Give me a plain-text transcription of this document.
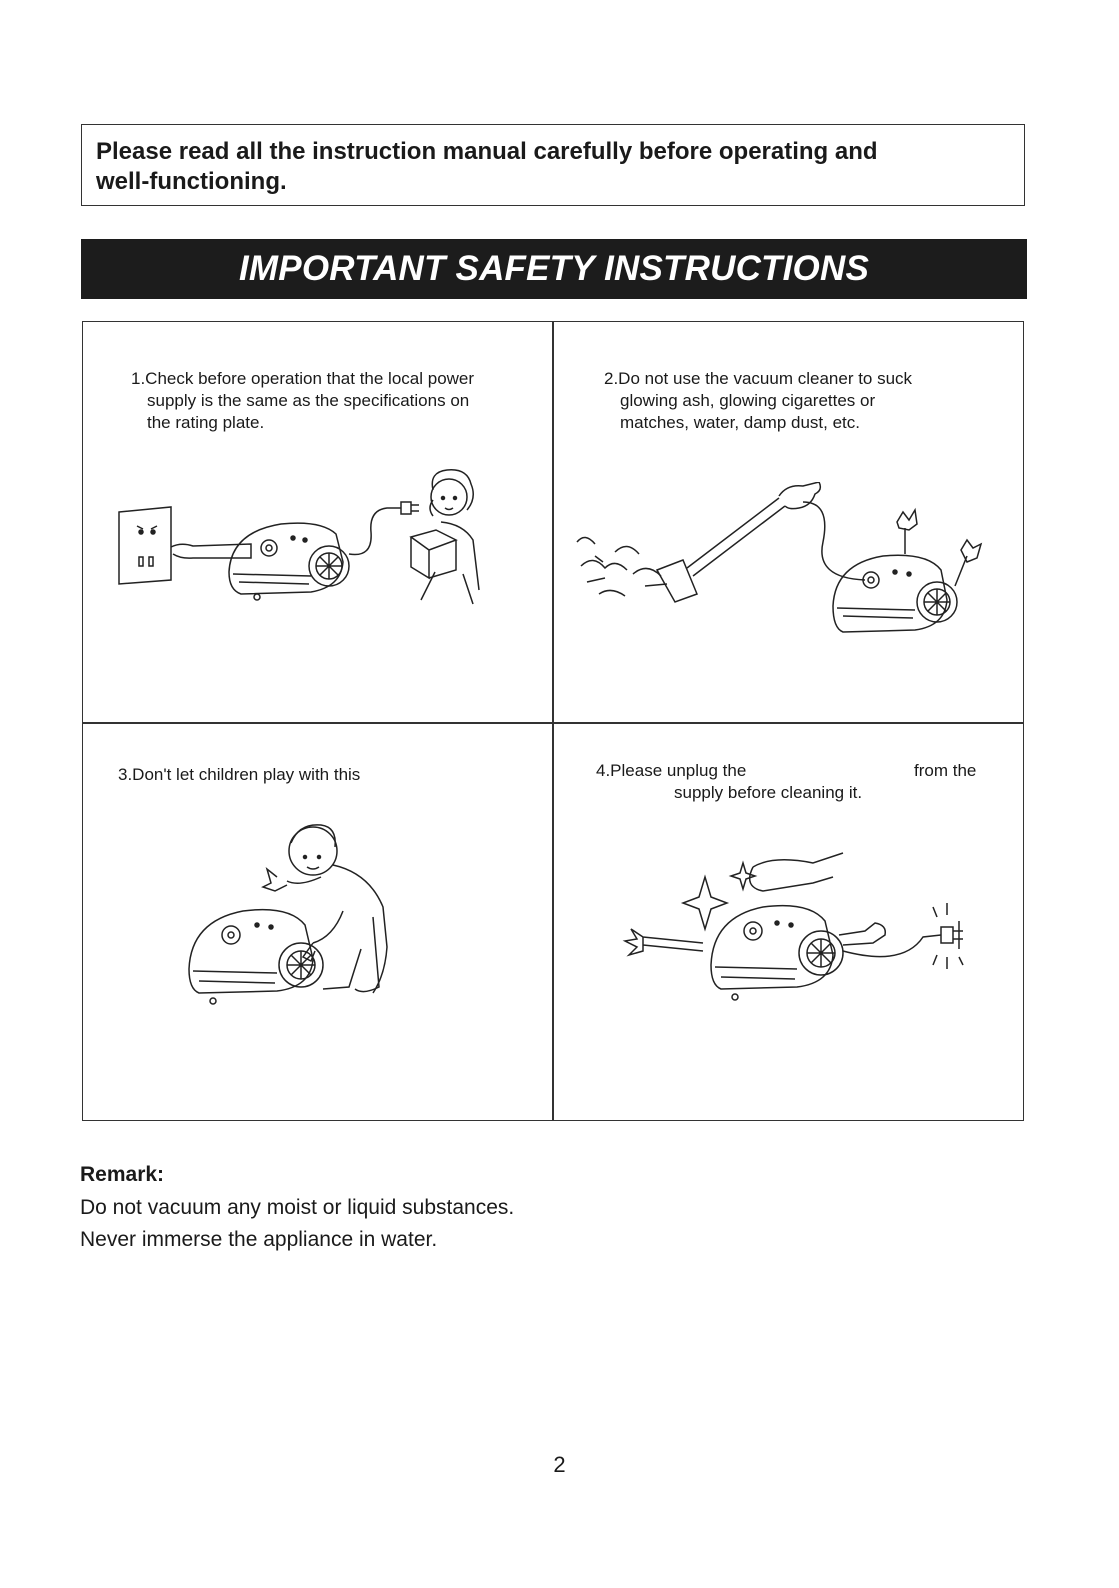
Please read all the instruction manual carefully before operating and

well-functioning.

IMPORTANT SAFETY INSTRUCTIONS

1.Check before operation that the local power
supply is the same as the specifications on
the rating plate.

2.Do not use the vacuum cleaner to suck
glowing ash, glowing cigarettes or
matches, water, damp dust, etc.

3.Don't let children play with this	4.Please unplug the	from the
supply before cleaning it.

Remark:

Do not vacuum any moist or liquid substances.

Never immerse the appliance in water.

2
